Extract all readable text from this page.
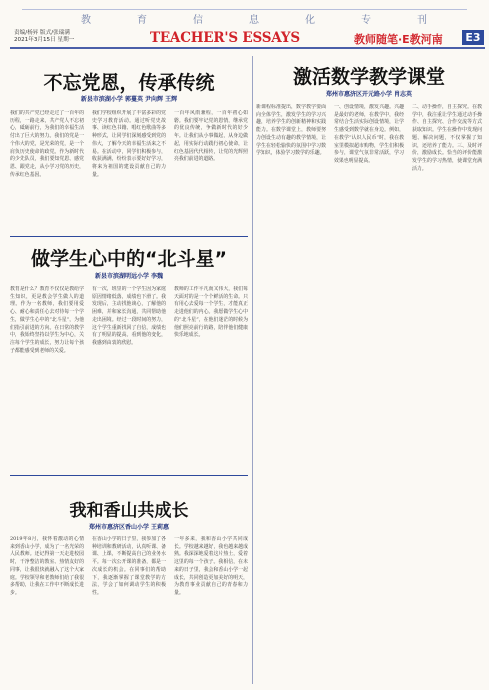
教	育	信	息	化	专	刊
责编/杨昇 版式/张瑞满
2021年3月15日 星期一	TEACHER'S ESSAYS	教师随笔·E教河南	E3
不忘党恩，传承传统
新县市滨湖小学 郭蔓英 尹向辉 王辉
我们的共产党已经走过了一百年的历程，一路走来，共产党人不忘初心，砥砺前行，为我们的幸福生活付出了巨大的努力。我们的党是一个伟大的党，是光荣的党，是一个肩负历史使命的政党。作为新时代的少先队员，我们要知党恩、感党恩、跟党走，从小学习党的历史，传承红色基因。
我们学校组织开展了丰富多彩的党史学习教育活动。通过听党史故事、读红色书籍、唱红色歌曲等多种形式，让同学们深刻感受到党的伟大，了解今天的幸福生活来之不易。在活动中，同学们积极参与，收获满满，纷纷表示要好好学习，将来为祖国的建设贡献自己的力量。
一百年风雨兼程，一百年初心如磐。我们要牢记党的恩情，继承党的优良传统，争做新时代的好少年。让我们从小事做起，从身边做起，用实际行动践行初心使命，让红色基因代代相传，让党的光辉照亮我们前进的道路。
做学生心中的“北斗星”
新县市滨湖明远小学 李魏
教育是什么？教育不仅仅是教给学生知识，更是教会学生做人的道理。作为一名教师，我们要用爱心、耐心和责任心去对待每一个学生，做学生心中的“北斗星”，为他们指引前进的方向。在日常的教学中，我始终坚持以学生为中心，关注每个学生的成长，努力让每个孩子都能感受到老师的关爱。
有一次，班里的一个学生因为家庭原因情绪低落，成绩也下滑了。我发现后，主动找他谈心，了解他的困难，并和家长沟通，共同帮助他走出困境。经过一段时间的努力，这个学生重新找回了自信，成绩也有了明显的提高。看到他的变化，我感到由衷的欣慰。
教师的工作平凡而又伟大，我们每天面对的是一个个鲜活的生命。只有用心去爱每一个学生，才能真正走进他们的内心。我愿做学生心中的“北斗星”，在他们迷茫的时候为他们照亮前行的路，陪伴他们健康快乐地成长。
我和香山共成长
郑州市惠济区香山小学 王莉惠
2019年8月，我怀着激动的心情来到香山小学，成为了一名光荣的人民教师。还记得第一天走进校园时，干净整洁的教室、热情友好的同事，让我很快就融入了这个大家庭。学校领导和老教师们给了我很多帮助，让我在工作中不断成长进步。
在香山小学的日子里，我参加了各种培训和教研活动，认真听课、备课、上课，不断提高自己的业务水平。每一次公开课的准备，都是一次成长的机会。在同事们的帮助下，我逐渐掌握了课堂教学的方法，学会了如何调动学生的积极性。
一年多来，我和香山小学共同成长。学校越来越好，我也越来越成熟。我深深地爱着这片热土，爱着这里的每一个孩子。我相信，在未来的日子里，我会和香山小学一起成长，共同创造更加美好的明天，为教育事业贡献自己的青春和力量。
激活数学教学课堂
郑州市惠济区开元路小学 肖志英
新课程标准提出，数学教学要面向全体学生，激发学生的学习兴趣，培养学生的创新精神和实践能力。在数学课堂上，教师要努力创设生动有趣的教学情境，让学生在轻松愉快的氛围中学习数学知识，体验学习数学的乐趣。
一、创设情境，激发兴趣。兴趣是最好的老师，在教学中，我经常结合生活实际创设情境，让学生感受到数学就在身边。例如，在教学“认识人民币”时，我在教室里模拟超市购物，学生们积极参与，课堂气氛非常活跃，学习效果也明显提高。
二、动手操作，自主探究。在教学中，我注重让学生通过动手操作、自主探究、合作交流等方式获取知识。学生在操作中发现问题、解决问题，不仅掌握了知识，还培养了能力。三、及时评价，激励成长。恰当的评价能激发学生的学习热情，使课堂充满活力。
